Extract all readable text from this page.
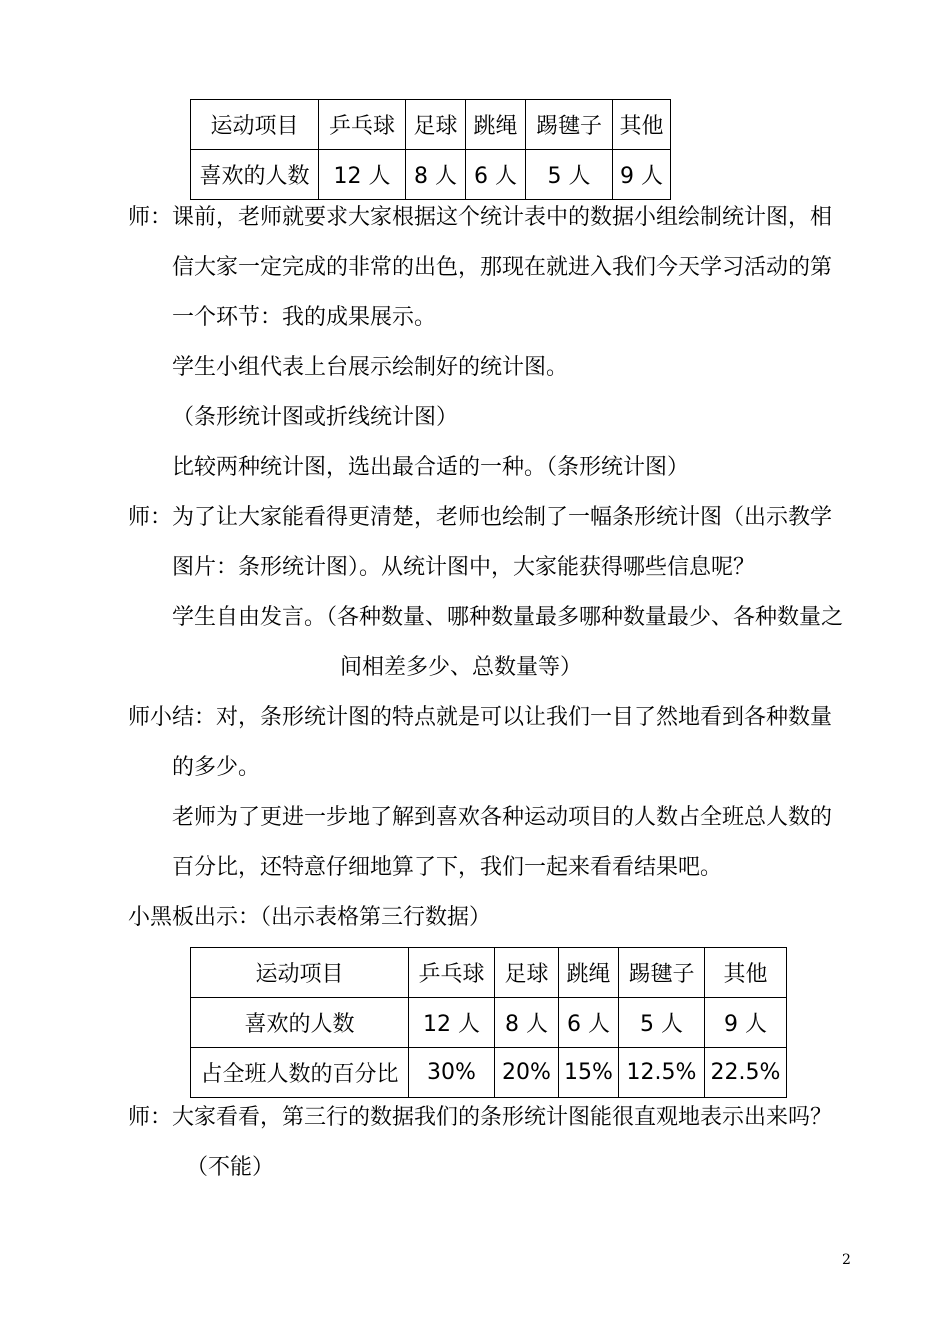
运动项目	乒乓球	足球	跳绳	踢毽子	其他
喜欢的人数	12 人	8 人	6 人	5 人	9 人
师：课前，老师就要求大家根据这个统计表中的数据小组绘制统计图，相
信大家一定完成的非常的出色，那现在就进入我们今天学习活动的第
一个环节：我的成果展示。
学生小组代表上台展示绘制好的统计图。
（条形统计图或折线统计图）
比较两种统计图，选出最合适的一种。（条形统计图）
师：为了让大家能看得更清楚，老师也绘制了一幅条形统计图（出示教学
图片：条形统计图）。从统计图中，大家能获得哪些信息呢？
学生自由发言。（各种数量、哪种数量最多哪种数量最少、各种数量之
间相差多少、总数量等）
师小结：对，条形统计图的特点就是可以让我们一目了然地看到各种数量
的多少。
老师为了更进一步地了解到喜欢各种运动项目的人数占全班总人数的
百分比，还特意仔细地算了下，我们一起来看看结果吧。
小黑板出示：（出示表格第三行数据）
运动项目	乒乓球	足球	跳绳	踢毽子	其他
喜欢的人数	12 人	8 人	6 人	5 人	9 人
占全班人数的百分比	30%	20%	15%	12.5%	22.5%
师：大家看看，第三行的数据我们的条形统计图能很直观地表示出来吗？
（不能）
2
